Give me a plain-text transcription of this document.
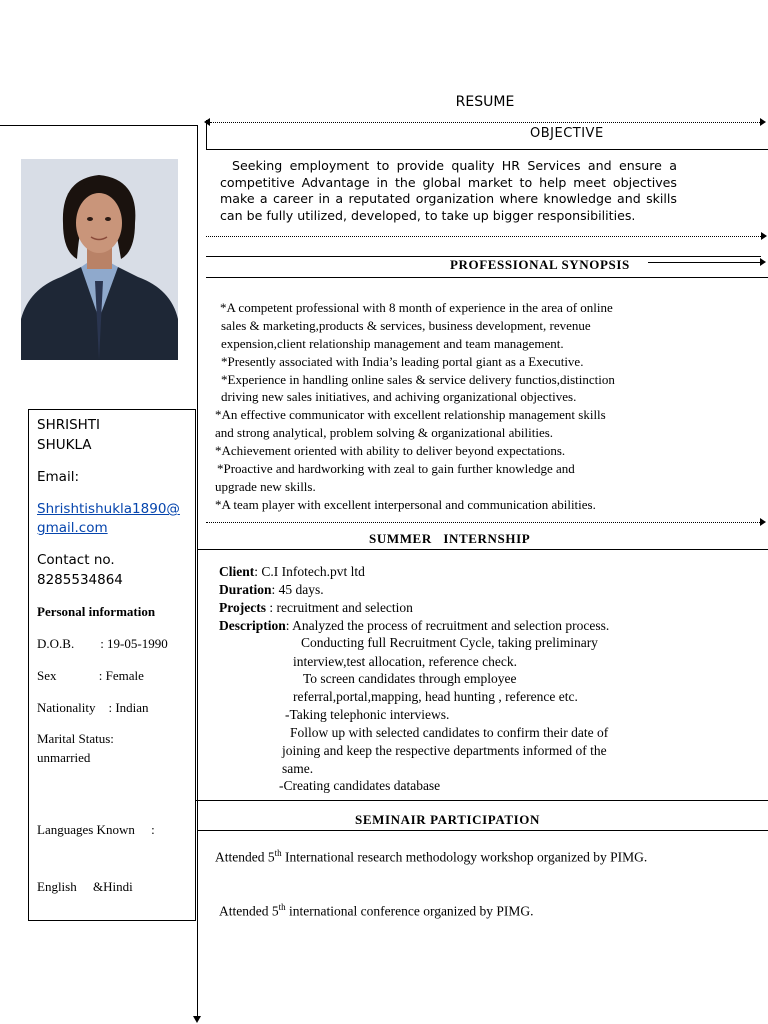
RESUME
OBJECTIVE
Seeking employment to provide quality HR Services and ensure a competitive Advantage in the global market to help meet objectives make a career in a reputated organization where knowledge and skills can be fully utilized, developed, to take up bigger responsibilities.
PROFESSIONAL SYNOPSIS
*A competent professional with 8 month of experience in the area of online
sales & marketing,products & services, business development, revenue
expension,client relationship management and team management.
*Presently associated with India’s leading portal giant as a Executive.
*Experience in handling online sales & service delivery functios,distinction
driving new sales initiatives, and achiving organizational objectives.
*An effective communicator with excellent relationship management skills
and strong analytical, problem solving & organizational abilities.
*Achievement oriented with ability to deliver beyond expectations.
*Proactive and hardworking with zeal to gain further knowledge and
upgrade new skills.
*A team player with excellent interpersonal and communication abilities.
SUMMER   INTERNSHIP
Client: C.I Infotech.pvt ltd
Duration: 45 days.
Projects : recruitment and selection
Description: Analyzed the process of recruitment and selection process.
Conducting full Recruitment Cycle, taking preliminary
interview,test allocation, reference check.
To screen candidates through employee
referral,portal,mapping, head hunting , reference etc.
-Taking telephonic interviews.
Follow up with selected candidates to confirm their date of
joining and keep the respective departments informed of the
same.
-Creating candidates database
SEMINAIR PARTICIPATION
Attended 5th International research methodology workshop organized by PIMG.
Attended 5th international conference organized by PIMG.
SHRISHTI
SHUKLA
Email:
Shrishtishukla1890@
gmail.com
Contact no.
8285534864
Personal information
D.O.B.        : 19-05-1990
Sex             : Female
Nationality    : Indian
Marital Status:
unmarried

Languages Known     :

English     &Hindi
